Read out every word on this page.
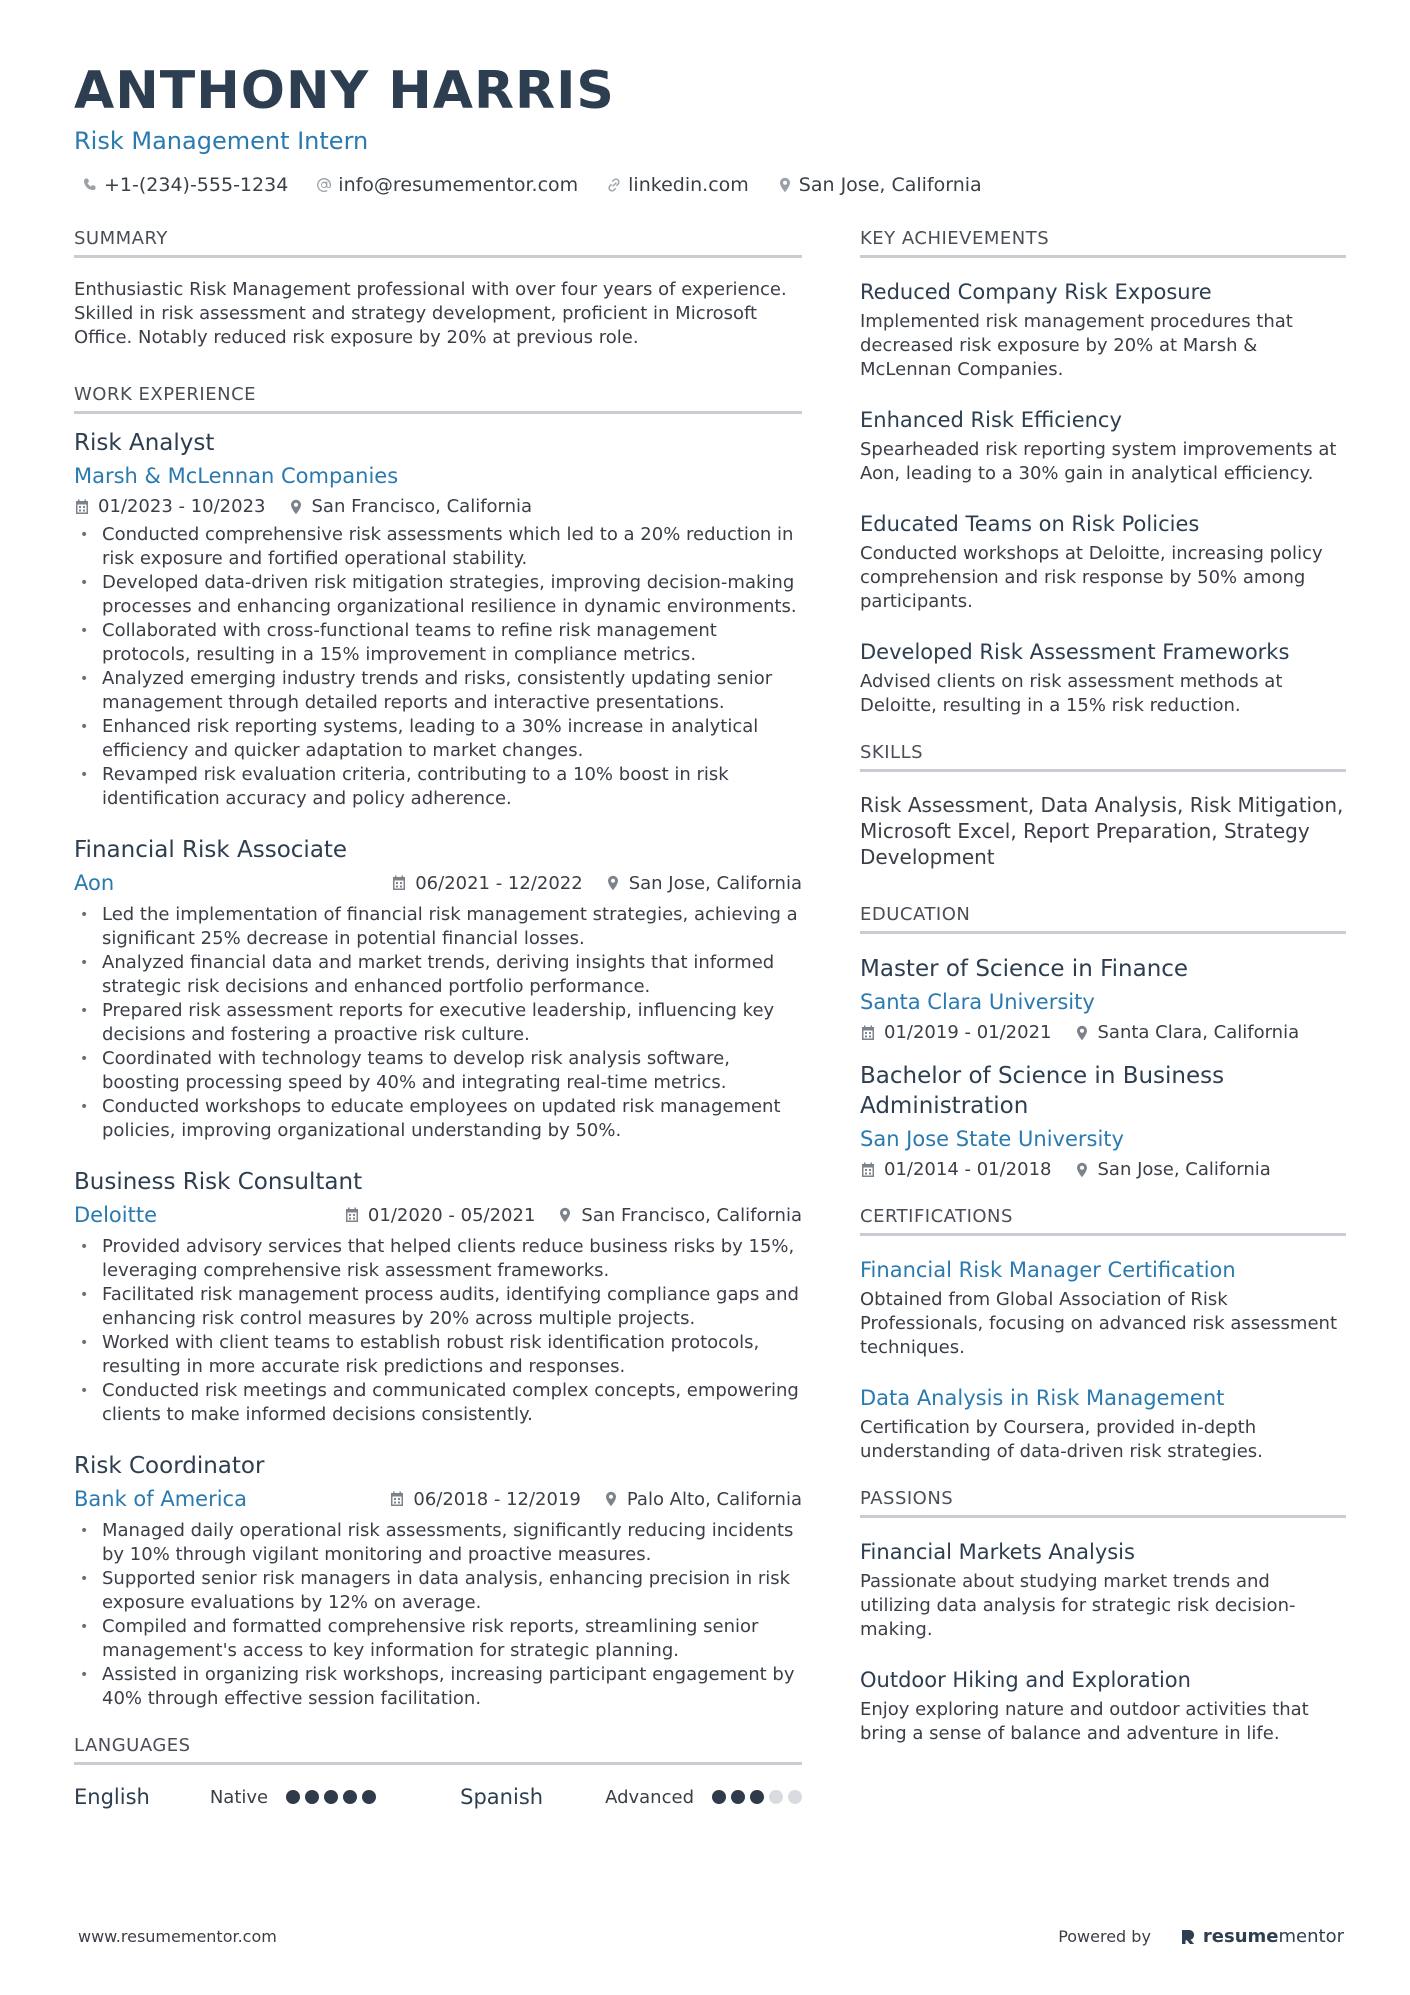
ANTHONY HARRIS
Risk Management Intern
+1-(234)-555-1234	info@resumementor.com	linkedin.com	San Jose, California
SUMMARY
Enthusiastic Risk Management professional with over four years of experience. Skilled in risk assessment and strategy development, proficient in Microsoft Office. Notably reduced risk exposure by 20% at previous role.
WORK EXPERIENCE
Risk Analyst
Marsh & McLennan Companies
01/2023 - 10/2023	San Francisco, California
• Conducted comprehensive risk assessments which led to a 20% reduction in risk exposure and fortified operational stability.
• Developed data-driven risk mitigation strategies, improving decision-making processes and enhancing organizational resilience in dynamic environments.
• Collaborated with cross-functional teams to refine risk management protocols, resulting in a 15% improvement in compliance metrics.
• Analyzed emerging industry trends and risks, consistently updating senior management through detailed reports and interactive presentations.
• Enhanced risk reporting systems, leading to a 30% increase in analytical efficiency and quicker adaptation to market changes.
• Revamped risk evaluation criteria, contributing to a 10% boost in risk identification accuracy and policy adherence.
Financial Risk Associate
Aon	06/2021 - 12/2022	San Jose, California
• Led the implementation of financial risk management strategies, achieving a significant 25% decrease in potential financial losses.
• Analyzed financial data and market trends, deriving insights that informed strategic risk decisions and enhanced portfolio performance.
• Prepared risk assessment reports for executive leadership, influencing key decisions and fostering a proactive risk culture.
• Coordinated with technology teams to develop risk analysis software, boosting processing speed by 40% and integrating real-time metrics.
• Conducted workshops to educate employees on updated risk management policies, improving organizational understanding by 50%.
Business Risk Consultant
Deloitte	01/2020 - 05/2021	San Francisco, California
• Provided advisory services that helped clients reduce business risks by 15%, leveraging comprehensive risk assessment frameworks.
• Facilitated risk management process audits, identifying compliance gaps and enhancing risk control measures by 20% across multiple projects.
• Worked with client teams to establish robust risk identification protocols, resulting in more accurate risk predictions and responses.
• Conducted risk meetings and communicated complex concepts, empowering clients to make informed decisions consistently.
Risk Coordinator
Bank of America	06/2018 - 12/2019	Palo Alto, California
• Managed daily operational risk assessments, significantly reducing incidents by 10% through vigilant monitoring and proactive measures.
• Supported senior risk managers in data analysis, enhancing precision in risk exposure evaluations by 12% on average.
• Compiled and formatted comprehensive risk reports, streamlining senior management's access to key information for strategic planning.
• Assisted in organizing risk workshops, increasing participant engagement by 40% through effective session facilitation.
LANGUAGES
English	Native	Spanish	Advanced
KEY ACHIEVEMENTS
Reduced Company Risk Exposure
Implemented risk management procedures that decreased risk exposure by 20% at Marsh & McLennan Companies.
Enhanced Risk Efficiency
Spearheaded risk reporting system improvements at Aon, leading to a 30% gain in analytical efficiency.
Educated Teams on Risk Policies
Conducted workshops at Deloitte, increasing policy comprehension and risk response by 50% among participants.
Developed Risk Assessment Frameworks
Advised clients on risk assessment methods at Deloitte, resulting in a 15% risk reduction.
SKILLS
Risk Assessment, Data Analysis, Risk Mitigation, Microsoft Excel, Report Preparation, Strategy Development
EDUCATION
Master of Science in Finance
Santa Clara University
01/2019 - 01/2021	Santa Clara, California
Bachelor of Science in Business Administration
San Jose State University
01/2014 - 01/2018	San Jose, California
CERTIFICATIONS
Financial Risk Manager Certification
Obtained from Global Association of Risk Professionals, focusing on advanced risk assessment techniques.
Data Analysis in Risk Management
Certification by Coursera, provided in-depth understanding of data-driven risk strategies.
PASSIONS
Financial Markets Analysis
Passionate about studying market trends and utilizing data analysis for strategic risk decision-making.
Outdoor Hiking and Exploration
Enjoy exploring nature and outdoor activities that bring a sense of balance and adventure in life.
www.resumementor.com	Powered by	resumementor
